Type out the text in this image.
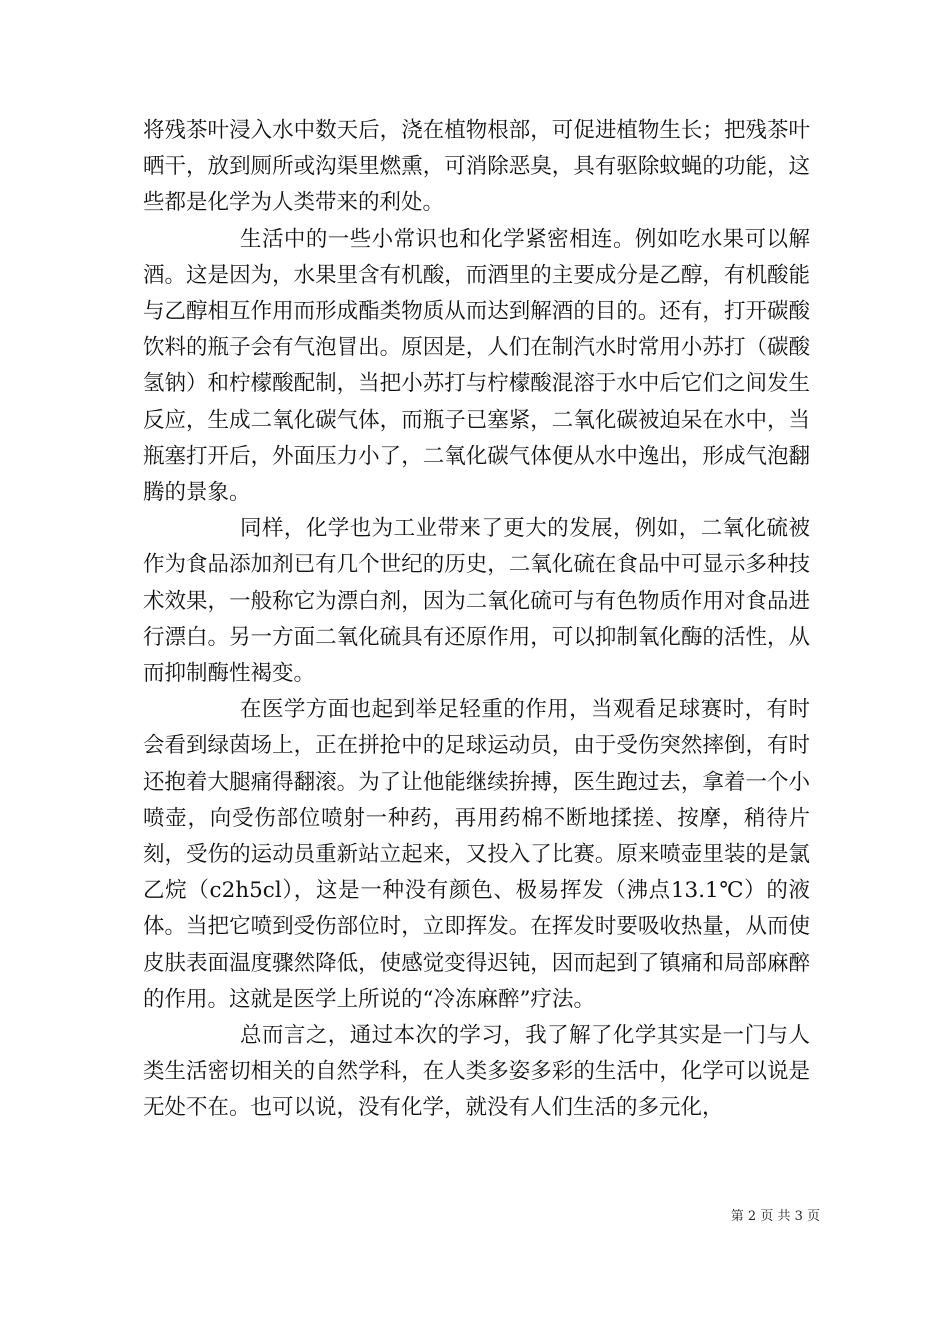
将残茶叶浸入水中数天后，浇在植物根部，可促进植物生长；把残茶叶晒干，放到厕所或沟渠里燃熏，可消除恶臭，具有驱除蚊蝇的功能，这些都是化学为人类带来的利处。

生活中的一些小常识也和化学紧密相连。例如吃水果可以解酒。这是因为，水果里含有机酸，而酒里的主要成分是乙醇，有机酸能与乙醇相互作用而形成酯类物质从而达到解酒的目的。还有，打开碳酸饮料的瓶子会有气泡冒出。原因是，人们在制汽水时常用小苏打（碳酸氢钠）和柠檬酸配制，当把小苏打与柠檬酸混溶于水中后它们之间发生反应，生成二氧化碳气体，而瓶子已塞紧，二氧化碳被迫呆在水中，当瓶塞打开后，外面压力小了，二氧化碳气体便从水中逸出，形成气泡翻腾的景象。

同样，化学也为工业带来了更大的发展，例如，二氧化硫被作为食品添加剂已有几个世纪的历史，二氧化硫在食品中可显示多种技术效果，一般称它为漂白剂，因为二氧化硫可与有色物质作用对食品进行漂白。另一方面二氧化硫具有还原作用，可以抑制氧化酶的活性，从而抑制酶性褐变。

在医学方面也起到举足轻重的作用，当观看足球赛时，有时会看到绿茵场上，正在拼抢中的足球运动员，由于受伤突然摔倒，有时还抱着大腿痛得翻滚。为了让他能继续拚搏，医生跑过去，拿着一个小喷壶，向受伤部位喷射一种药，再用药棉不断地揉搓、按摩，稍待片刻，受伤的运动员重新站立起来，又投入了比赛。原来喷壶里装的是氯乙烷（c2h5cl），这是一种没有颜色、极易挥发（沸点13.1℃）的液体。当把它喷到受伤部位时，立即挥发。在挥发时要吸收热量，从而使皮肤表面温度骤然降低，使感觉变得迟钝，因而起到了镇痛和局部麻醉的作用。这就是医学上所说的“冷冻麻醉”疗法。

总而言之，通过本次的学习，我了解了化学其实是一门与人类生活密切相关的自然学科，在人类多姿多彩的生活中，化学可以说是无处不在。也可以说，没有化学，就没有人们生活的多元化，

第 2 页 共 3 页
